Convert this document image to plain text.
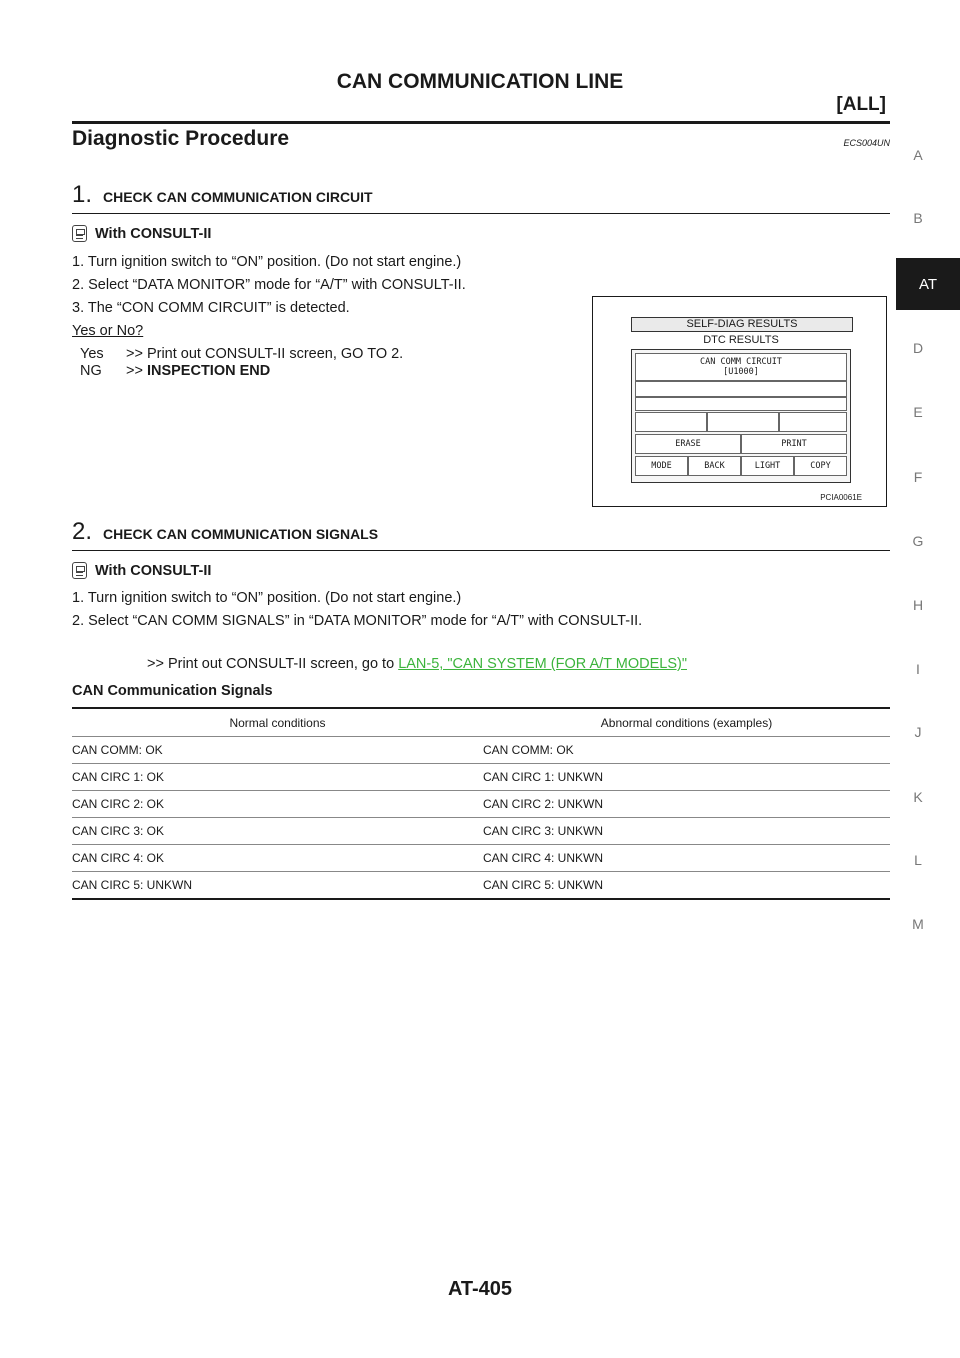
CAN COMMUNICATION LINE
[ALL]
Diagnostic Procedure	ECS004UN
1. CHECK CAN COMMUNICATION CIRCUIT
With CONSULT-II
1. Turn ignition switch to “ON” position. (Do not start engine.)
2. Select “DATA MONITOR” mode for “A/T” with CONSULT-II.
3. The “CON COMM CIRCUIT” is detected.
Yes or No?
Yes >> Print out CONSULT-II screen, GO TO 2.
NG >> INSPECTION END
SELF-DIAG RESULTS
DTC RESULTS
CAN COMM CIRCUIT
[U1000]
ERASE	PRINT
MODE	BACK	LIGHT	COPY
PCIA0061E
2. CHECK CAN COMMUNICATION SIGNALS
With CONSULT-II
1. Turn ignition switch to “ON” position. (Do not start engine.)
2. Select “CAN COMM SIGNALS” in “DATA MONITOR” mode for “A/T” with CONSULT-II.
>> Print out CONSULT-II screen, go to LAN-5, "CAN SYSTEM (FOR A/T MODELS)"
CAN Communication Signals
Normal conditions	Abnormal conditions (examples)
CAN COMM: OK	CAN COMM: OK
CAN CIRC 1: OK	CAN CIRC 1: UNKWN
CAN CIRC 2: OK	CAN CIRC 2: UNKWN
CAN CIRC 3: OK	CAN CIRC 3: UNKWN
CAN CIRC 4: OK	CAN CIRC 4: UNKWN
CAN CIRC 5: UNKWN	CAN CIRC 5: UNKWN
A
B
AT
D
E
F
G
H
I
J
K
L
M
AT-405
